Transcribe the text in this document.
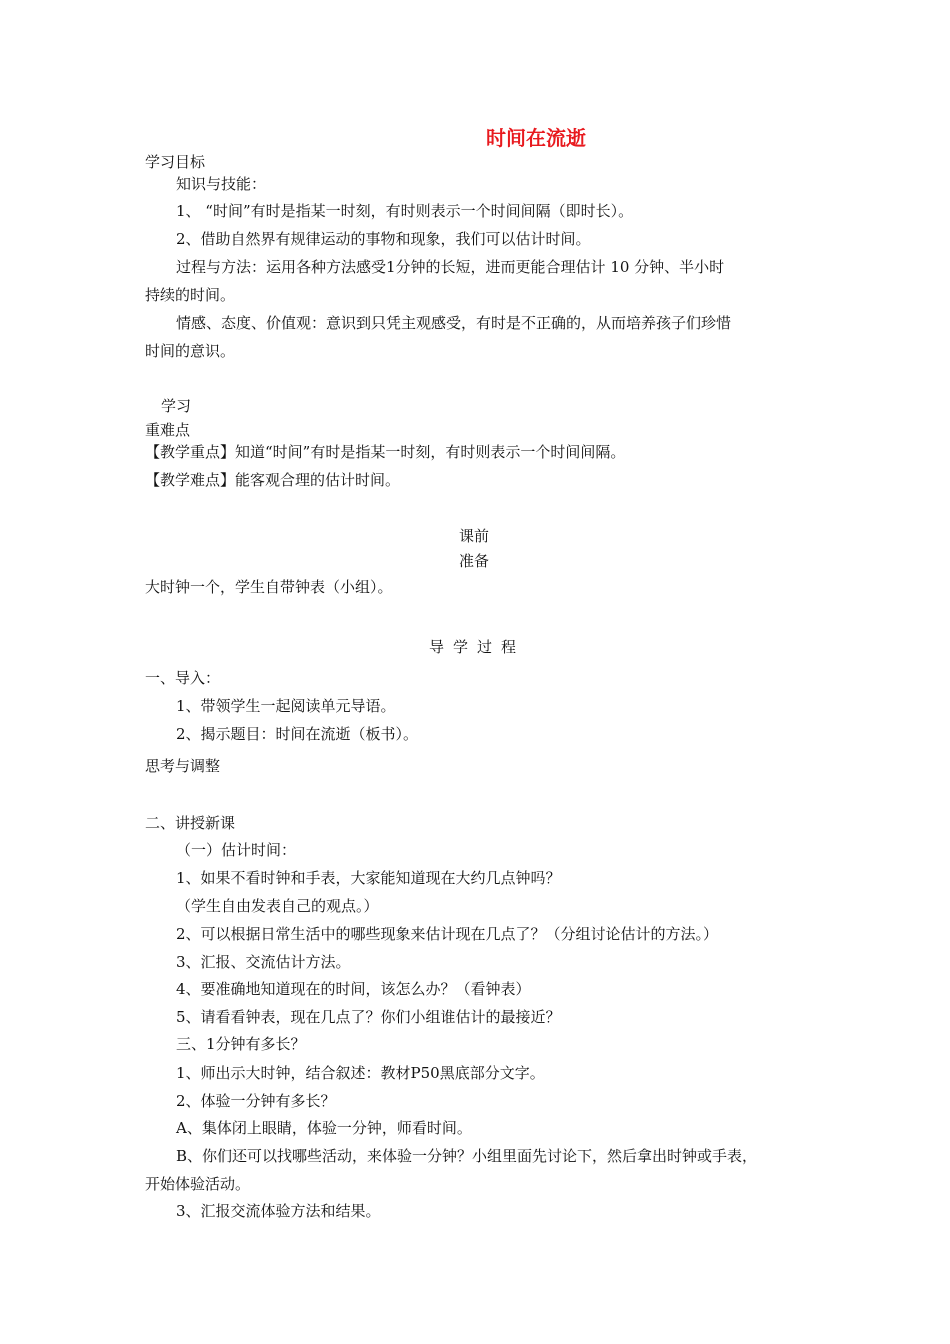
时间在流逝
学习目标
知识与技能：
1、 “时间”有时是指某一时刻，有时则表示一个时间间隔（即时长）。
2、借助自然界有规律运动的事物和现象，我们可以估计时间。
过程与方法：运用各种方法感受1分钟的长短，进而更能合理估计 10 分钟、半小时
持续的时间。
情感、态度、价值观：意识到只凭主观感受，有时是不正确的，从而培养孩子们珍惜
时间的意识。
学习
重难点
【教学重点】知道“时间”有时是指某一时刻，有时则表示一个时间间隔。
【教学难点】能客观合理的估计时间。
课前
准备
大时钟一个，学生自带钟表（小组）。
导学过程
一、导入：
1、带领学生一起阅读单元导语。
2、揭示题目：时间在流逝（板书）。
思考与调整
二、讲授新课
（一）估计时间：
1、如果不看时钟和手表，大家能知道现在大约几点钟吗？
（学生自由发表自己的观点。）
2、可以根据日常生活中的哪些现象来估计现在几点了？（分组讨论估计的方法。）
3、汇报、交流估计方法。
4、要准确地知道现在的时间，该怎么办？（看钟表）
5、请看看钟表，现在几点了？你们小组谁估计的最接近？
三、1分钟有多长？
1、师出示大时钟，结合叙述：教材P50黑底部分文字。
2、体验一分钟有多长？
A、集体闭上眼睛，体验一分钟，师看时间。
B、你们还可以找哪些活动，来体验一分钟？小组里面先讨论下，然后拿出时钟或手表，
开始体验活动。
3、汇报交流体验方法和结果。
